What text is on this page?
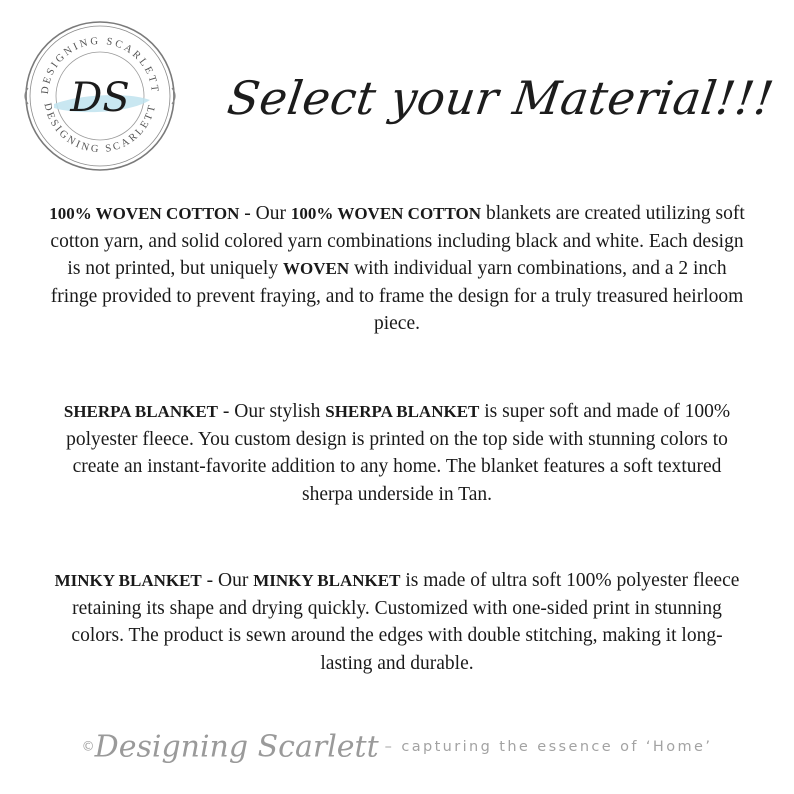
DESIGNING SCARLETT
DESIGNING SCARLETT
DS Select your Material!!!

100% WOVEN COTTON - Our 100% WOVEN COTTON blankets are created utilizing soft cotton yarn, and solid colored yarn combinations including black and white. Each design is not printed, but uniquely WOVEN with individual yarn combinations, and a 2 inch fringe provided to prevent fraying, and to frame the design for a truly treasured heirloom piece.

SHERPA BLANKET - Our stylish SHERPA BLANKET is super soft and made of 100% polyester fleece. You custom design is printed on the top side with stunning colors to create an instant-favorite addition to any home. The blanket features a soft textured sherpa underside in Tan.

MINKY BLANKET - Our MINKY BLANKET is made of ultra soft 100% polyester fleece retaining its shape and drying quickly. Customized with one-sided print in stunning colors. The product is sewn around the edges with double stitching, making it long-lasting and durable.

©Designing Scarlett – capturing the essence of ‘Home’
